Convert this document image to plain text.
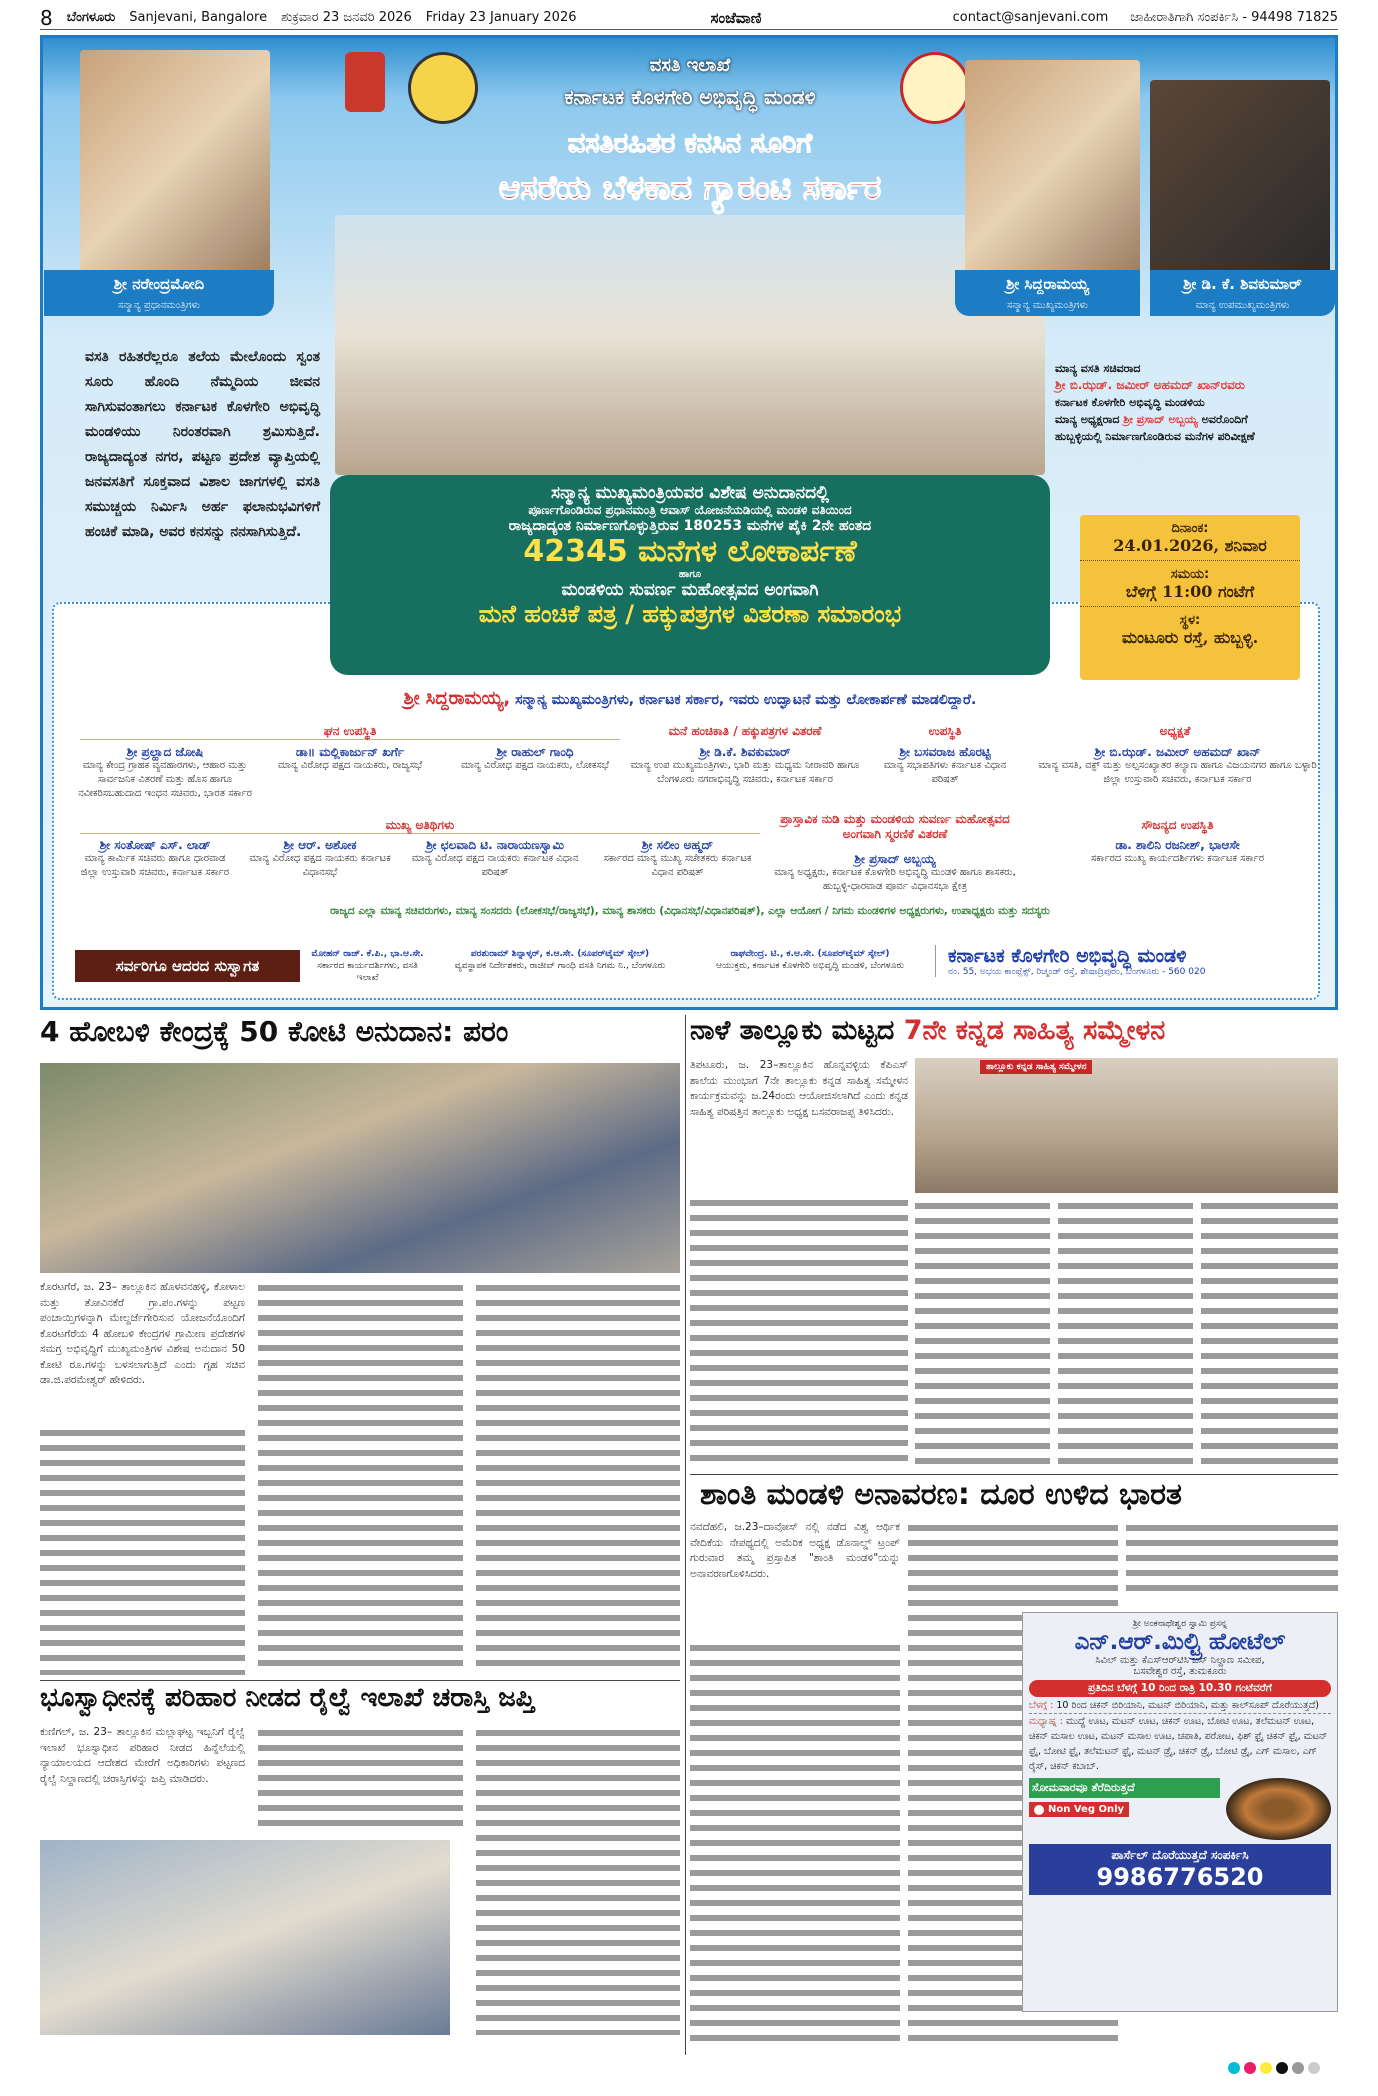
8 ಬೆಂಗಳೂರು Sanjevani, Bangalore ಶುಕ್ರವಾರ 23 ಜನವರಿ 2026 Friday 23 January 2026	ಸಂಜೆವಾಣಿ	contact@sanjevani.com ಜಾಹೀರಾತಿಗಾಗಿ ಸಂಪರ್ಕಿಸಿ - 94498 71825
ಶ್ರೀ ನರೇಂದ್ರಮೋದಿ
ಸನ್ಮಾನ್ಯ ಪ್ರಧಾನಮಂತ್ರಿಗಳು
ವಸತಿ ರಹಿತರೆಲ್ಲರೂ ತಲೆಯ ಮೇಲೊಂದು ಸ್ವಂತ ಸೂರು ಹೊಂದಿ ನೆಮ್ಮದಿಯ ಜೀವನ ಸಾಗಿಸುವಂತಾಗಲು ಕರ್ನಾಟಕ ಕೊಳಗೇರಿ ಅಭಿವೃದ್ಧಿ ಮಂಡಳಿಯು ನಿರಂತರವಾಗಿ ಶ್ರಮಿಸುತ್ತಿದೆ. ರಾಜ್ಯದಾದ್ಯಂತ ನಗರ, ಪಟ್ಟಣ ಪ್ರದೇಶ ವ್ಯಾಪ್ತಿಯಲ್ಲಿ ಜನವಸತಿಗೆ ಸೂಕ್ತವಾದ ವಿಶಾಲ ಜಾಗಗಳಲ್ಲಿ ವಸತಿ ಸಮುಚ್ಚಯ ನಿರ್ಮಿಸಿ ಅರ್ಹ ಫಲಾನುಭವಿಗಳಿಗೆ ಹಂಚಿಕೆ ಮಾಡಿ, ಅವರ ಕನಸನ್ನು ನನಸಾಗಿಸುತ್ತಿದೆ.
ವಸತಿ ಇಲಾಖೆ
ಕರ್ನಾಟಕ ಕೊಳಗೇರಿ ಅಭಿವೃದ್ಧಿ ಮಂಡಳಿ
ವಸತಿರಹಿತರ ಕನಸಿನ ಸೂರಿಗೆ
ಆಸರೆಯ ಬೆಳಕಾದ ಗ್ಯಾರಂಟಿ ಸರ್ಕಾರ
ಶ್ರೀ ಸಿದ್ದರಾಮಯ್ಯ
ಸನ್ಮಾನ್ಯ ಮುಖ್ಯಮಂತ್ರಿಗಳು
ಶ್ರೀ ಡಿ. ಕೆ. ಶಿವಕುಮಾರ್
ಮಾನ್ಯ ಉಪಮುಖ್ಯಮಂತ್ರಿಗಳು
ಮಾನ್ಯ ವಸತಿ ಸಚಿವರಾದ
ಶ್ರೀ ಬಿ.ಝಡ್. ಜಮೀರ್ ಅಹಮದ್ ಖಾನ್‌ರವರು
ಕರ್ನಾಟಕ ಕೊಳಗೇರಿ ಅಭಿವೃದ್ಧಿ ಮಂಡಳಿಯ
ಮಾನ್ಯ ಅಧ್ಯಕ್ಷರಾದ ಶ್ರೀ ಪ್ರಸಾದ್ ಅಬ್ಬಯ್ಯ ಅವರೊಂದಿಗೆ
ಹುಬ್ಬಳ್ಳಿಯಲ್ಲಿ ನಿರ್ಮಾಣಗೊಂಡಿರುವ ಮನೆಗಳ ಪರಿವೀಕ್ಷಣೆ
ಸನ್ಮಾನ್ಯ ಮುಖ್ಯಮಂತ್ರಿಯವರ ವಿಶೇಷ ಅನುದಾನದಲ್ಲಿ
ಪೂರ್ಣಗೊಂಡಿರುವ ಪ್ರಧಾನಮಂತ್ರಿ ಆವಾಸ್ ಯೋಜನೆಯಡಿಯಲ್ಲಿ ಮಂಡಳಿ ವತಿಯಿಂದ
ರಾಜ್ಯದಾದ್ಯಂತ ನಿರ್ಮಾಣಗೊಳ್ಳುತ್ತಿರುವ 180253 ಮನೆಗಳ ಪೈಕಿ 2ನೇ ಹಂತದ
42345 ಮನೆಗಳ ಲೋಕಾರ್ಪಣೆ
ಹಾಗೂ
ಮಂಡಳಿಯ ಸುವರ್ಣ ಮಹೋತ್ಸವದ ಅಂಗವಾಗಿ
ಮನೆ ಹಂಚಿಕೆ ಪತ್ರ / ಹಕ್ಕುಪತ್ರಗಳ ವಿತರಣಾ ಸಮಾರಂಭ
ದಿನಾಂಕ:
24.01.2026, ಶನಿವಾರ
ಸಮಯ:
ಬೆಳಿಗ್ಗೆ 11:00 ಗಂಟೆಗೆ
ಸ್ಥಳ:
ಮಂಟೂರು ರಸ್ತೆ, ಹುಬ್ಬಳ್ಳಿ.
ಶ್ರೀ ಸಿದ್ದರಾಮಯ್ಯ, ಸನ್ಮಾನ್ಯ ಮುಖ್ಯಮಂತ್ರಿಗಳು, ಕರ್ನಾಟಕ ಸರ್ಕಾರ, ಇವರು ಉದ್ಘಾಟನೆ ಮತ್ತು ಲೋಕಾರ್ಪಣೆ ಮಾಡಲಿದ್ದಾರೆ.
ಘನ ಉಪಸ್ಥಿತಿ	ಮನೆ ಹಂಚಿಕಾತಿ / ಹಕ್ಕುಪತ್ರಗಳ ವಿತರಣೆ	ಉಪಸ್ಥಿತಿ	ಅಧ್ಯಕ್ಷತೆ
ಶ್ರೀ ಪ್ರಲ್ಹಾದ ಜೋಷಿ
ಮಾನ್ಯ ಕೇಂದ್ರ ಗ್ರಾಹಕ ವ್ಯವಹಾರಗಳು, ಆಹಾರ ಮತ್ತು ಸಾರ್ವಜನಿಕ ವಿತರಣೆ ಮತ್ತು ಹೊಸ ಹಾಗೂ ನವೀಕರಿಸಬಹುದಾದ ಇಂಧನ ಸಚಿವರು, ಭಾರತ ಸರ್ಕಾರ
ಡಾ॥ ಮಲ್ಲಿಕಾರ್ಜುನ್ ಖರ್ಗೆ
ಮಾನ್ಯ ವಿರೋಧ ಪಕ್ಷದ ನಾಯಕರು, ರಾಜ್ಯಸಭೆ
ಶ್ರೀ ರಾಹುಲ್ ಗಾಂಧಿ
ಮಾನ್ಯ ವಿರೋಧ ಪಕ್ಷದ ನಾಯಕರು, ಲೋಕಸಭೆ
ಶ್ರೀ ಡಿ.ಕೆ. ಶಿವಕುಮಾರ್
ಮಾನ್ಯ ಉಪ ಮುಖ್ಯಮಂತ್ರಿಗಳು, ಭಾರಿ ಮತ್ತು ಮಧ್ಯಮ ನೀರಾವರಿ ಹಾಗೂ ಬೆಂಗಳೂರು ನಗರಾಭಿವೃದ್ಧಿ ಸಚಿವರು, ಕರ್ನಾಟಕ ಸರ್ಕಾರ
ಶ್ರೀ ಬಸವರಾಜ ಹೊರಟ್ಟಿ
ಮಾನ್ಯ ಸಭಾಪತಿಗಳು ಕರ್ನಾಟಕ ವಿಧಾನ ಪರಿಷತ್
ಶ್ರೀ ಬಿ.ಝಡ್. ಜಮೀರ್ ಅಹಮದ್ ಖಾನ್
ಮಾನ್ಯ ವಸತಿ, ವಕ್ಫ್ ಮತ್ತು ಅಲ್ಪಸಂಖ್ಯಾತರ ಕಲ್ಯಾಣ ಹಾಗೂ ವಿಜಯನಗರ ಹಾಗೂ ಬಳ್ಳಾರಿ ಜಿಲ್ಲಾ ಉಸ್ತುವಾರಿ ಸಚಿವರು, ಕರ್ನಾಟಕ ಸರ್ಕಾರ
ಮುಖ್ಯ ಅತಿಥಿಗಳು	ಪ್ರಾಸ್ತಾವಿಕ ನುಡಿ ಮತ್ತು ಮಂಡಳಿಯ ಸುವರ್ಣ ಮಹೋತ್ಸವದ ಅಂಗವಾಗಿ ಸ್ಮರಣಿಕೆ ವಿತರಣೆ
ಸೌಜನ್ಯದ ಉಪಸ್ಥಿತಿ
ಶ್ರೀ ಸಂತೋಷ್ ಎಸ್. ಲಾಡ್
ಮಾನ್ಯ ಕಾರ್ಮಿಕ ಸಚಿವರು ಹಾಗೂ ಧಾರವಾಡ ಜಿಲ್ಲಾ ಉಸ್ತುವಾರಿ ಸಚಿವರು, ಕರ್ನಾಟಕ ಸರ್ಕಾರ
ಶ್ರೀ ಆರ್. ಅಶೋಕ
ಮಾನ್ಯ ವಿರೋಧ ಪಕ್ಷದ ನಾಯಕರು ಕರ್ನಾಟಕ ವಿಧಾನಸಭೆ
ಶ್ರೀ ಛಲವಾದಿ ಟಿ. ನಾರಾಯಣಸ್ವಾಮಿ
ಮಾನ್ಯ ವಿರೋಧ ಪಕ್ಷದ ನಾಯಕರು ಕರ್ನಾಟಕ ವಿಧಾನ ಪರಿಷತ್
ಶ್ರೀ ಸಲೀಂ ಅಹ್ಮದ್
ಸರ್ಕಾರದ ಮಾನ್ಯ ಮುಖ್ಯ ಸಚೇತಕರು ಕರ್ನಾಟಕ ವಿಧಾನ ಪರಿಷತ್
ಶ್ರೀ ಪ್ರಸಾದ್ ಅಬ್ಬಯ್ಯ
ಮಾನ್ಯ ಅಧ್ಯಕ್ಷರು, ಕರ್ನಾಟಕ ಕೊಳಗೇರಿ ಅಭಿವೃದ್ಧಿ ಮಂಡಳಿ ಹಾಗೂ ಶಾಸಕರು, ಹುಬ್ಬಳ್ಳಿ-ಧಾರವಾಡ ಪೂರ್ವ ವಿಧಾನಸಭಾ ಕ್ಷೇತ್ರ
ಡಾ. ಶಾಲಿನಿ ರಜನೀಶ್, ಭಾಆಸೇ
ಸರ್ಕಾರದ ಮುಖ್ಯ ಕಾರ್ಯದರ್ಶಿಗಳು ಕರ್ನಾಟಕ ಸರ್ಕಾರ
ರಾಜ್ಯದ ಎಲ್ಲಾ ಮಾನ್ಯ ಸಚಿವರುಗಳು, ಮಾನ್ಯ ಸಂಸದರು (ಲೋಕಸಭೆ/ರಾಜ್ಯಸಭೆ), ಮಾನ್ಯ ಶಾಸಕರು (ವಿಧಾನಸಭೆ/ವಿಧಾನಪರಿಷತ್), ಎಲ್ಲಾ ಆಯೋಗ / ನಿಗಮ ಮಂಡಳಿಗಳ ಅಧ್ಯಕ್ಷರುಗಳು, ಉಪಾಧ್ಯಕ್ಷರು ಮತ್ತು ಸದಸ್ಯರು
ಸರ್ವರಿಗೂ ಆದರದ ಸುಸ್ವಾಗತ
ಮೋಹನ್ ರಾಜ್. ಕೆ.ಪಿ., ಭಾ.ಆ.ಸೇ.
ಸರ್ಕಾರದ ಕಾರ್ಯದರ್ಶಿಗಳು, ವಸತಿ ಇಲಾಖೆ
ಪರಶುರಾಮ್ ಶಿನ್ನಾಳ್ಕರ್, ಕ.ಆ.ಸೇ. (ಸೂಪರ್‌ಟೈಮ್ ಸ್ಕೇಲ್)
ವ್ಯವಸ್ಥಾಪಕ ನಿರ್ದೇಶಕರು, ರಾಜೀವ್ ಗಾಂಧಿ ವಸತಿ ನಿಗಮ ನಿ., ಬೆಂಗಳೂರು
ರಾಘವೇಂದ್ರ. ಟಿ., ಕ.ಆ.ಸೇ. (ಸೂಪರ್‌ಟೈಮ್ ಸ್ಕೇಲ್)
ಆಯುಕ್ತರು, ಕರ್ನಾಟಕ ಕೊಳಗೇರಿ ಅಭಿವೃದ್ಧಿ ಮಂಡಳಿ, ಬೆಂಗಳೂರು	ಕರ್ನಾಟಕ ಕೊಳಗೇರಿ ಅಭಿವೃದ್ಧಿ ಮಂಡಳಿ
ನಂ. 55, ಅಭಯ ಕಾಂಪ್ಲೆಕ್ಸ್, ರಿಚ್ಮಂಡ್ ರಸ್ತೆ, ಶೇಷಾದ್ರಿಪುರಂ, ಬೆಂಗಳೂರು - 560 020
4 ಹೋಬಳಿ ಕೇಂದ್ರಕ್ಕೆ 50 ಕೋಟಿ ಅನುದಾನ: ಪರಂ
ಕೊರಟಗೆರೆ, ಜ. 23– ತಾಲ್ಲೂಕಿನ ಹೊಳವನಹಳ್ಳಿ, ಕೋಳಾಲ ಮತ್ತು ತೋವಿನಕೆರೆ ಗ್ರಾ.ಪಂ.ಗಳನ್ನು ಪಟ್ಟಣ ಪಂಚಾಯ್ತಿಗಳನ್ನಾಗಿ ಮೇಲ್ದರ್ಜೆಗೇರಿಸುವ ಯೋಜನೆಯೊಂದಿಗೆ ಕೊರಟಗೆರೆಯ 4 ಹೋಬಳಿ ಕೇಂದ್ರಗಳ ಗ್ರಾಮೀಣ ಪ್ರದೇಶಗಳ ಸಮಗ್ರ ಅಭಿವೃದ್ಧಿಗೆ ಮುಖ್ಯಮಂತ್ರಿಗಳ ವಿಶೇಷ ಅನುದಾನ 50 ಕೋಟಿ ರೂ.ಗಳನ್ನು ಬಳಸಲಾಗುತ್ತಿದೆ ಎಂದು ಗೃಹ ಸಚಿವ ಡಾ.ಜಿ.ಪರಮೇಶ್ವರ್ ಹೇಳಿದರು.
ಭೂಸ್ವಾಧೀನಕ್ಕೆ ಪರಿಹಾರ ನೀಡದ ರೈಲ್ವೆ ಇಲಾಖೆ ಚರಾಸ್ತಿ ಜಪ್ತಿ
ಕುಣಿಗಲ್, ಜ. 23– ತಾಲ್ಲೂಕಿನ ಮಲ್ಲಾಘಟ್ಟ ಇಬ್ಬನಿಗೆ ರೈಲ್ವೆ ಇಲಾಖೆ ಭೂಸ್ವಾಧೀನ ಪರಿಹಾರ ನೀಡದ ಹಿನ್ನೆಲೆಯಲ್ಲಿ ನ್ಯಾಯಾಲಯದ ಆದೇಶದ ಮೇರೆಗೆ ಅಧಿಕಾರಿಗಳು ಪಟ್ಟಣದ ರೈಲ್ವೆ ನಿಲ್ದಾಣದಲ್ಲಿ ಚರಾಸ್ತಿಗಳನ್ನು ಜಪ್ತಿ ಮಾಡಿದರು.
ನಾಳೆ ತಾಲ್ಲೂಕು ಮಟ್ಟದ 7ನೇ ಕನ್ನಡ ಸಾಹಿತ್ಯ ಸಮ್ಮೇಳನ
ತಿಪಟೂರು, ಜ. 23–ತಾಲ್ಲೂಕಿನ ಹೊನ್ನವಳ್ಳಿಯ ಕೆಪಿಎಸ್ ಶಾಲೆಯ ಮುಂಭಾಗ 7ನೇ ತಾಲ್ಲೂಕು ಕನ್ನಡ ಸಾಹಿತ್ಯ ಸಮ್ಮೇಳನ ಕಾರ್ಯಕ್ರಮವನ್ನು ಜ.24ರಂದು ಆಯೋಜಿಸಲಾಗಿದೆ ಎಂದು ಕನ್ನಡ ಸಾಹಿತ್ಯ ಪರಿಷತ್ತಿನ ತಾಲ್ಲೂಕು ಅಧ್ಯಕ್ಷ ಬಸವರಾಜಪ್ಪ ತಿಳಿಸಿದರು.
ತಾಲ್ಲೂಕು ಕನ್ನಡ ಸಾಹಿತ್ಯ ಸಮ್ಮೇಳನ
ಶಾಂತಿ ಮಂಡಳಿ ಅನಾವರಣ: ದೂರ ಉಳಿದ ಭಾರತ
ನವದೆಹಲಿ, ಜ.23–ದಾವೋಸ್ ನಲ್ಲಿ ನಡೆದ ವಿಶ್ವ ಆರ್ಥಿಕ ವೇದಿಕೆಯ ನೇಪಥ್ಯದಲ್ಲಿ ಅಮೆರಿಕ ಅಧ್ಯಕ್ಷ ಡೊನಾಲ್ಡ್ ಟ್ರಂಪ್ ಗುರುವಾರ ತಮ್ಮ ಪ್ರಸ್ತಾಪಿತ "ಶಾಂತಿ ಮಂಡಳಿ"ಯನ್ನು ಅನಾವರಣಗೊಳಿಸಿದರು.
ಶ್ರೀ ಅಂಕನಾಥೇಶ್ವರ ಸ್ವಾಮಿ ಪ್ರಸನ್ನ
ಎನ್.ಆರ್.ಮಿಲ್ಟ್ರಿ ಹೋಟೆಲ್
ಸಿವಿಲ್ ಮತ್ತು ಕೆಎಸ್ಆರ್‌ಟಿಸಿ ಬಸ್ ನಿಲ್ದಾಣ ಸಮೀಪ,
ಬಸವೇಶ್ವರ ರಸ್ತೆ, ತುಮಕೂರು
ಪ್ರತಿದಿನ ಬೆಳಗ್ಗೆ 10 ರಿಂದ ರಾತ್ರಿ 10.30 ಗಂಟೆವರೆಗೆ
ಬೆಳಗ್ಗೆ : 10 ರಿಂದ ಚಿಕನ್ ಬಿರಿಯಾನಿ, ಮಟನ್ ಬಿರಿಯಾನಿ, ಮತ್ತು ಕಾಲ್‌ಸೂಪ್ ದೊರೆಯುತ್ತದೆ)
ಮಧ್ಯಾಹ್ನ : ಮುದ್ದೆ ಊಟ, ಮಟನ್ ಊಟ, ಚಿಕನ್ ಊಟ, ಬೋಟಿ ಊಟ, ತಲೆಮಟನ್ ಊಟ, ಚಿಕನ್ ಮಸಾಲ ಊಟ, ಮಟನ್ ಮಸಾಲ ಊಟ, ಚಪಾತಿ, ಪರೋಟ, ಫಿಶ್ ಫ್ರೈ ಚಿಕನ್ ಫ್ರೈ, ಮಟನ್ ಫ್ರೈ, ಬೋಟಿ ಫ್ರೈ, ತಲೆಮಟನ್ ಫ್ರೈ, ಮಟನ್ ಡ್ರೈ, ಚಿಕನ್ ಡ್ರೈ, ಬೋಟಿ ಡ್ರೈ, ಎಗ್ ಮಸಾಲ, ಎಗ್ ರೈಸ್, ಚಿಕನ್ ಕಬಾಬ್.
ಸೋಮವಾರವೂ ತೆರೆದಿರುತ್ತದೆ
Non Veg Only
ಪಾರ್ಸೆಲ್ ದೊರೆಯುತ್ತದೆ ಸಂಪರ್ಕಿಸಿ
9986776520
